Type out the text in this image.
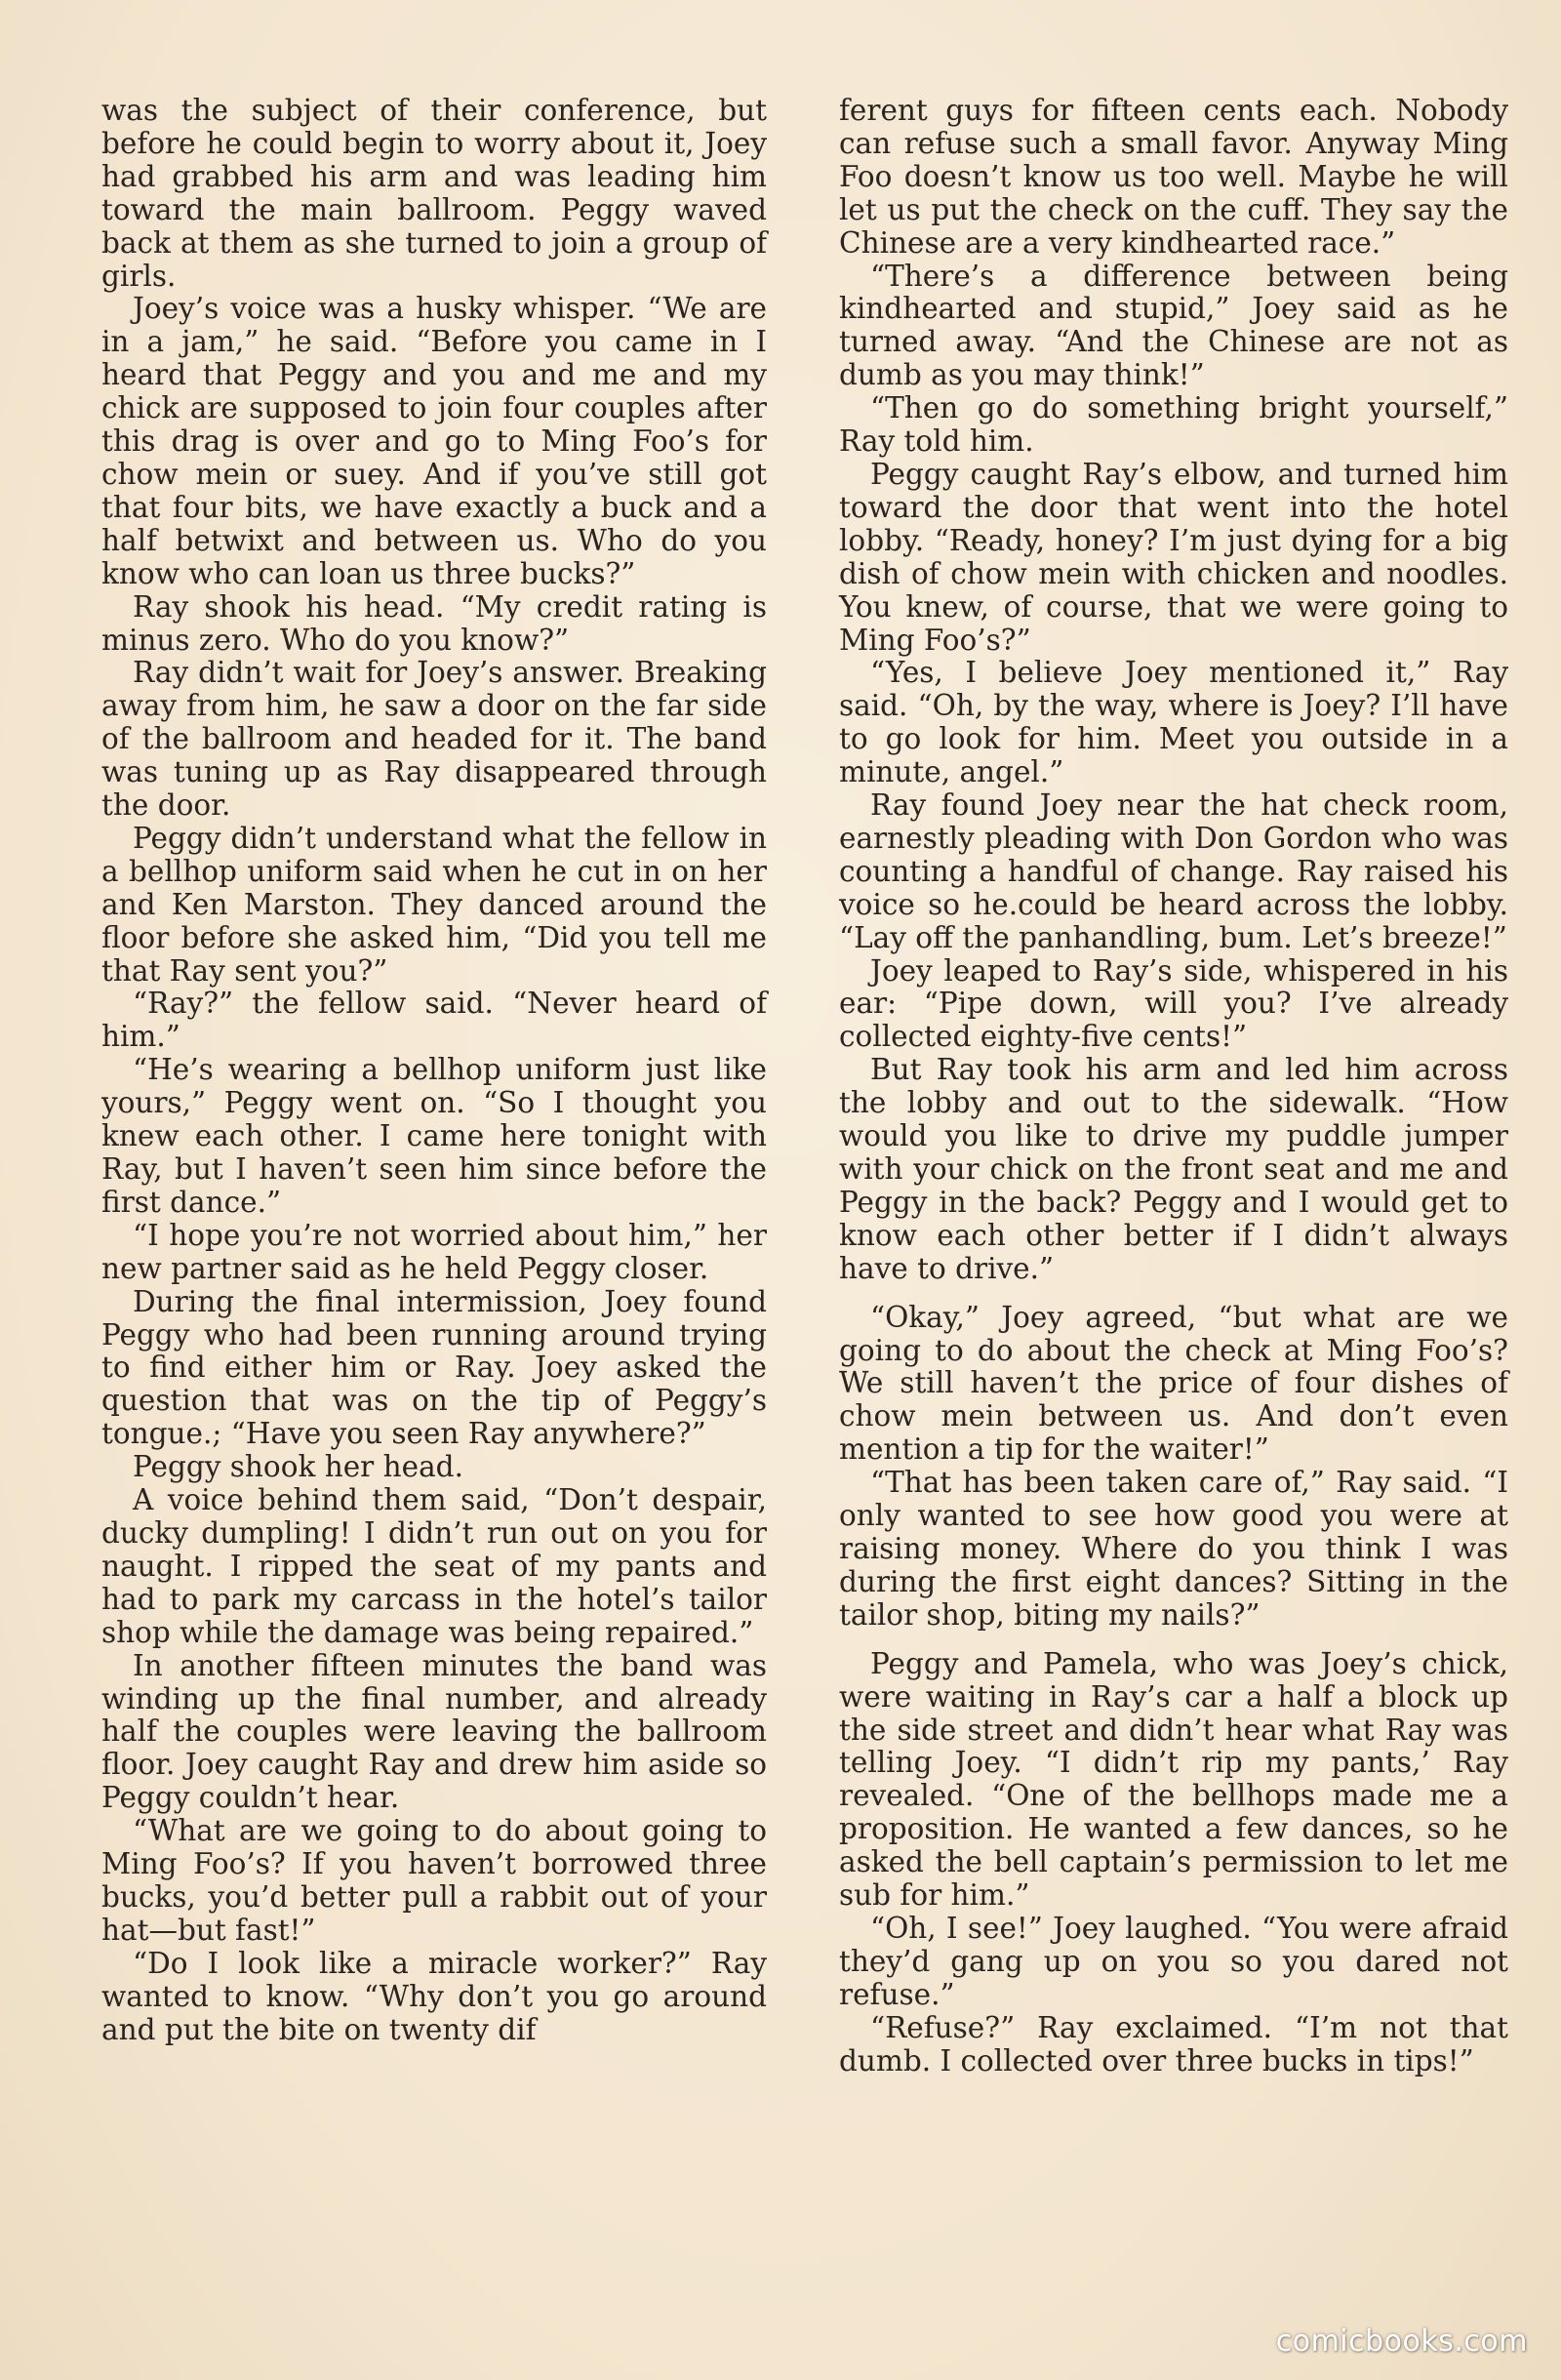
was the subject of their conference, but before he could begin to worry about it, Joey had grabbed his arm and was leading him toward the main ballroom. Peggy waved back at them as she turned to join a group of girls.

Joey’s voice was a husky whisper. “We are in a jam,” he said. “Before you came in I heard that Peggy and you and me and my chick are supposed to join four couples after this drag is over and go to Ming Foo’s for chow mein or suey. And if you’ve still got that four bits, we have exactly a buck and a half betwixt and between us. Who do you know who can loan us three bucks?”

Ray shook his head. “My credit rating is minus zero. Who do you know?”

Ray didn’t wait for Joey’s answer. Breaking away from him, he saw a door on the far side of the ballroom and headed for it. The band was tuning up as Ray disappeared through the door.

Peggy didn’t understand what the fellow in a bellhop uniform said when he cut in on her and Ken Marston. They danced around the floor before she asked him, “Did you tell me that Ray sent you?”

“Ray?” the fellow said. “Never heard of him.”

“He’s wearing a bellhop uniform just like yours,” Peggy went on. “So I thought you knew each other. I came here tonight with Ray, but I haven’t seen him since before the first dance.”

“I hope you’re not worried about him,” her new partner said as he held Peggy closer.

During the final intermission, Joey found Peggy who had been running around trying to find either him or Ray. Joey asked the question that was on the tip of Peggy’s tongue.; “Have you seen Ray anywhere?”

Peggy shook her head.

A voice behind them said, “Don’t despair, ducky dumpling! I didn’t run out on you for naught. I ripped the seat of my pants and had to park my carcass in the hotel’s tailor shop while the damage was being repaired.”

In another fifteen minutes the band was winding up the final number, and already half the couples were leaving the ballroom floor. Joey caught Ray and drew him aside so Peggy couldn’t hear.

“What are we going to do about going to Ming Foo’s? If you haven’t borrowed three bucks, you’d better pull a rabbit out of your hat—but fast!”

“Do I look like a miracle worker?” Ray wanted to know. “Why don’t you go around and put the bite on twenty dif

ferent guys for fifteen cents each. Nobody can refuse such a small favor. Anyway Ming Foo doesn’t know us too well. Maybe he will let us put the check on the cuff. They say the Chinese are a very kindhearted race.”

“There’s a difference between being kindhearted and stupid,” Joey said as he turned away. “And the Chinese are not as dumb as you may think!”

“Then go do something bright yourself,” Ray told him.

Peggy caught Ray’s elbow, and turned him toward the door that went into the hotel lobby. “Ready, honey? I’m just dying for a big dish of chow mein with chicken and noodles. You knew, of course, that we were going to Ming Foo’s?”

“Yes, I believe Joey mentioned it,” Ray said. “Oh, by the way, where is Joey? I’ll have to go look for him. Meet you outside in a minute, angel.”

Ray found Joey near the hat check room, earnestly pleading with Don Gordon who was counting a handful of change. Ray raised his voice so he.could be heard across the lobby. “Lay off the panhandling, bum. Let’s breeze!”

Joey leaped to Ray’s side, whispered in his ear: “Pipe down, will you? I’ve already collected eighty-five cents!”

But Ray took his arm and led him across the lobby and out to the sidewalk. “How would you like to drive my puddle jumper with your chick on the front seat and me and Peggy in the back? Peggy and I would get to know each other better if I didn’t always have to drive.”

“Okay,” Joey agreed, “but what are we going to do about the check at Ming Foo’s? We still haven’t the price of four dishes of chow mein between us. And don’t even mention a tip for the waiter!”

“That has been taken care of,” Ray said. “I only wanted to see how good you were at raising money. Where do you think I was during the first eight dances? Sitting in the tailor shop, biting my nails?”

Peggy and Pamela, who was Joey’s chick, were waiting in Ray’s car a half a block up the side street and didn’t hear what Ray was telling Joey. “I didn’t rip my pants,’ Ray revealed. “One of the bellhops made me a proposition. He wanted a few dances, so he asked the bell captain’s permission to let me sub for him.”

“Oh, I see!” Joey laughed. “You were afraid they’d gang up on you so you dared not refuse.”

“Refuse?” Ray exclaimed. “I’m not that dumb. I collected over three bucks in tips!”

comicbooks.com
